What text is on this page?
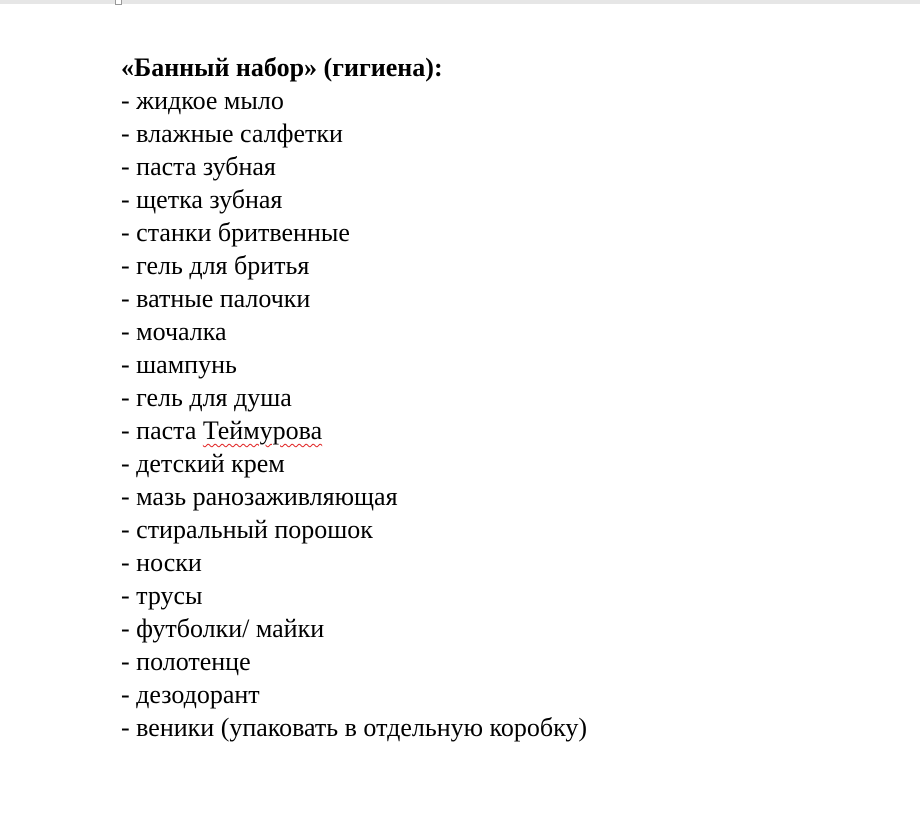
«Банный набор» (гигиена):
- жидкое мыло
- влажные салфетки
- паста зубная
- щетка зубная
- станки бритвенные
- гель для бритья
- ватные палочки
- мочалка
- шампунь
- гель для душа
- паста Теймурова
- детский крем
- мазь ранозаживляющая
- стиральный порошок
- носки
- трусы
- футболки/ майки
- полотенце
- дезодорант
- веники (упаковать в отдельную коробку)
